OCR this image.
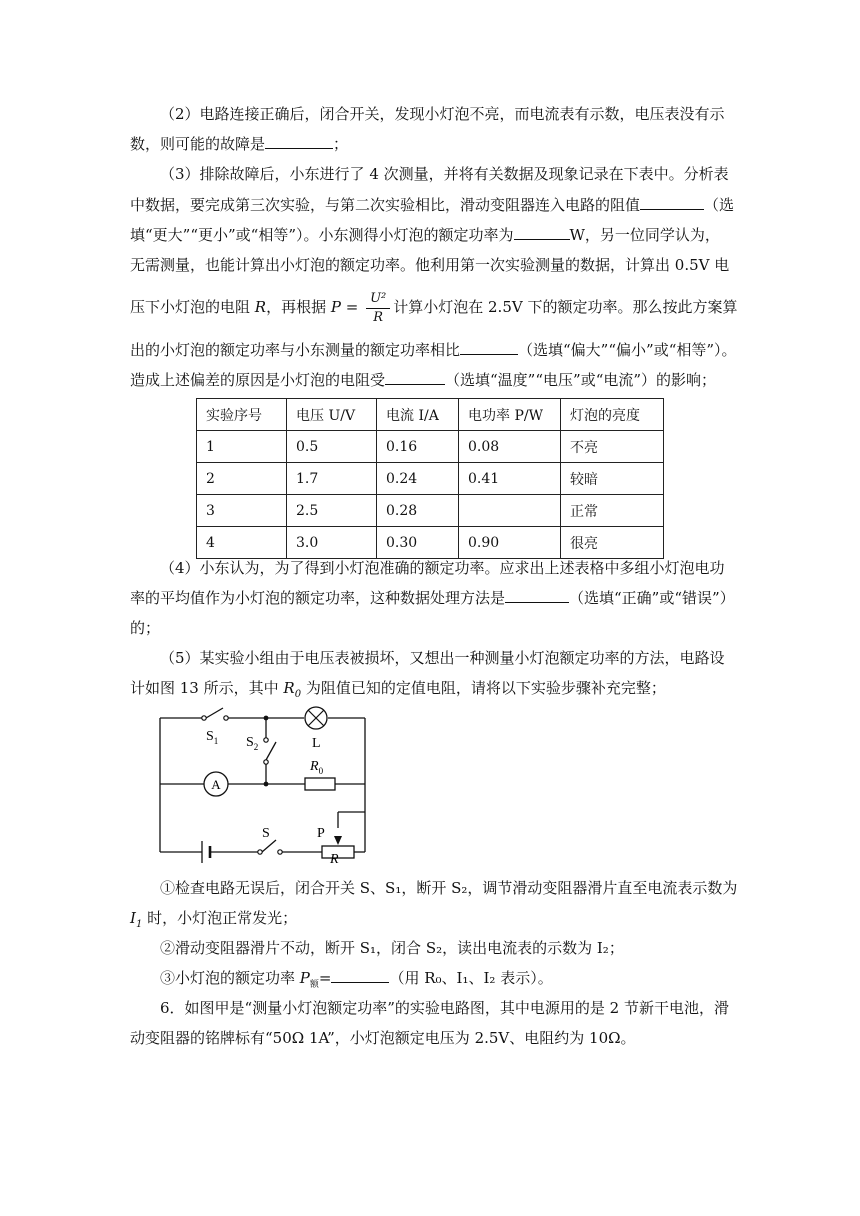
（2）电路连接正确后，闭合开关，发现小灯泡不亮，而电流表有示数，电压表没有示
数，则可能的故障是	；
（3）排除故障后，小东进行了 4 次测量，并将有关数据及现象记录在下表中。分析表
中数据，要完成第三次实验，与第二次实验相比，滑动变阻器连入电路的阻值	（选
填“更大”“更小”或“相等”）。小东测得小灯泡的额定功率为	W，另一位同学认为，
无需测量，也能计算出小灯泡的额定功率。他利用第一次实验测量的数据，计算出 0.5V 电
压下小灯泡的电阻 R，再根据 $P = \frac{\text{U²}}{R}$ 计算小灯泡在 2.5V 下的额定功率。那么按此方案算
出的小灯泡的额定功率与小东测量的额定功率相比	（选填“偏大”“偏小”或“相等”）。
造成上述偏差的原因是小灯泡的电阻受	（选填“温度”“电压”或“电流”）的影响；
实验序号	电压 U/V	电流 I/A	电功率 P/W	灯泡的亮度
1	0.5	0.16	0.08	不亮
2	1.7	0.24	0.41	较暗
3	2.5	0.28		正常
4	3.0	0.30	0.90	很亮
（4）小东认为，为了得到小灯泡准确的额定功率。应求出上述表格中多组小灯泡电功
率的平均值作为小灯泡的额定功率，这种数据处理方法是	（选填“正确”或“错误”）
的；
（5）某实验小组由于电压表被损坏，又想出一种测量小灯泡额定功率的方法，电路设
计如图 13 所示，其中 $R_0$ 为阻值已知的定值电阻，请将以下实验步骤补充完整；
A
$S_1$ $S_2$	L
$R_0$
S	P
R
①检查电路无误后，闭合开关 S、S₁，断开 S₂，调节滑动变阻器滑片直至电流表示数为
$I_1$ 时，小灯泡正常发光；
②滑动变阻器滑片不动，断开 S₁，闭合 S₂，读出电流表的示数为 I₂；
③小灯泡的额定功率 $P_额=$	（用 R₀、I₁、I₂ 表示）。
6．如图甲是“测量小灯泡额定功率”的实验电路图，其中电源用的是 2 节新干电池，滑
动变阻器的铭牌标有“50Ω 1A”，小灯泡额定电压为 2.5V、电阻约为 10Ω。
